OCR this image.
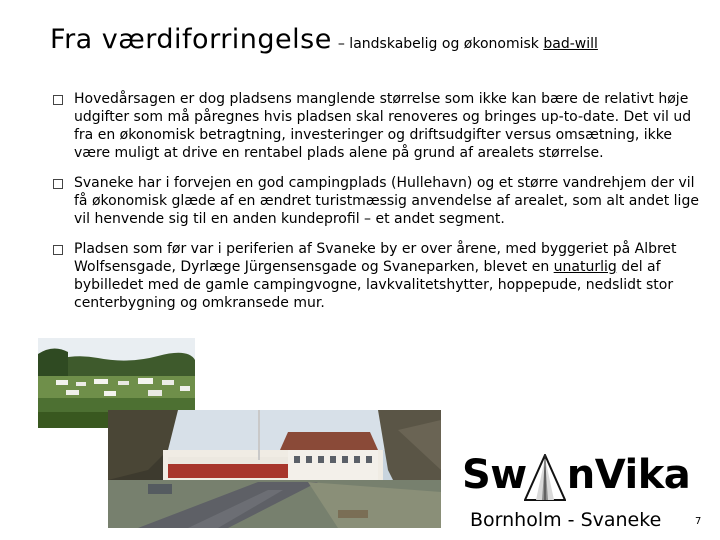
Fra værdiforringelse – landskabelig og økonomisk bad-will
Hovedårsagen er dog pladsens manglende størrelse som ikke kan bære de relativt høje udgifter som må påregnes hvis pladsen skal renoveres og bringes up-to-date. Det vil ud fra en økonomisk betragtning, investeringer og driftsudgifter versus omsætning, ikke være muligt at drive en rentabel plads alene på grund af arealets størrelse.
Svaneke har i forvejen en god campingplads (Hullehavn) og et større vandrehjem der vil få økonomisk glæde af en ændret turistmæssig anvendelse af arealet, som alt andet lige vil henvende sig til en anden kundeprofil – et andet segment.
Pladsen som før var i periferien af Svaneke by er over årene, med byggeriet på Albret Wolfsensgade, Dyrlæge Jürgensensgade og Svaneparken, blevet en unaturlig del af bybilledet med de gamle campingvogne, lavkvalitetshytter, hoppepude, nedslidt stor centerbygning og omkransede mur.
Sw nVika
Bornholm - Svaneke	7
